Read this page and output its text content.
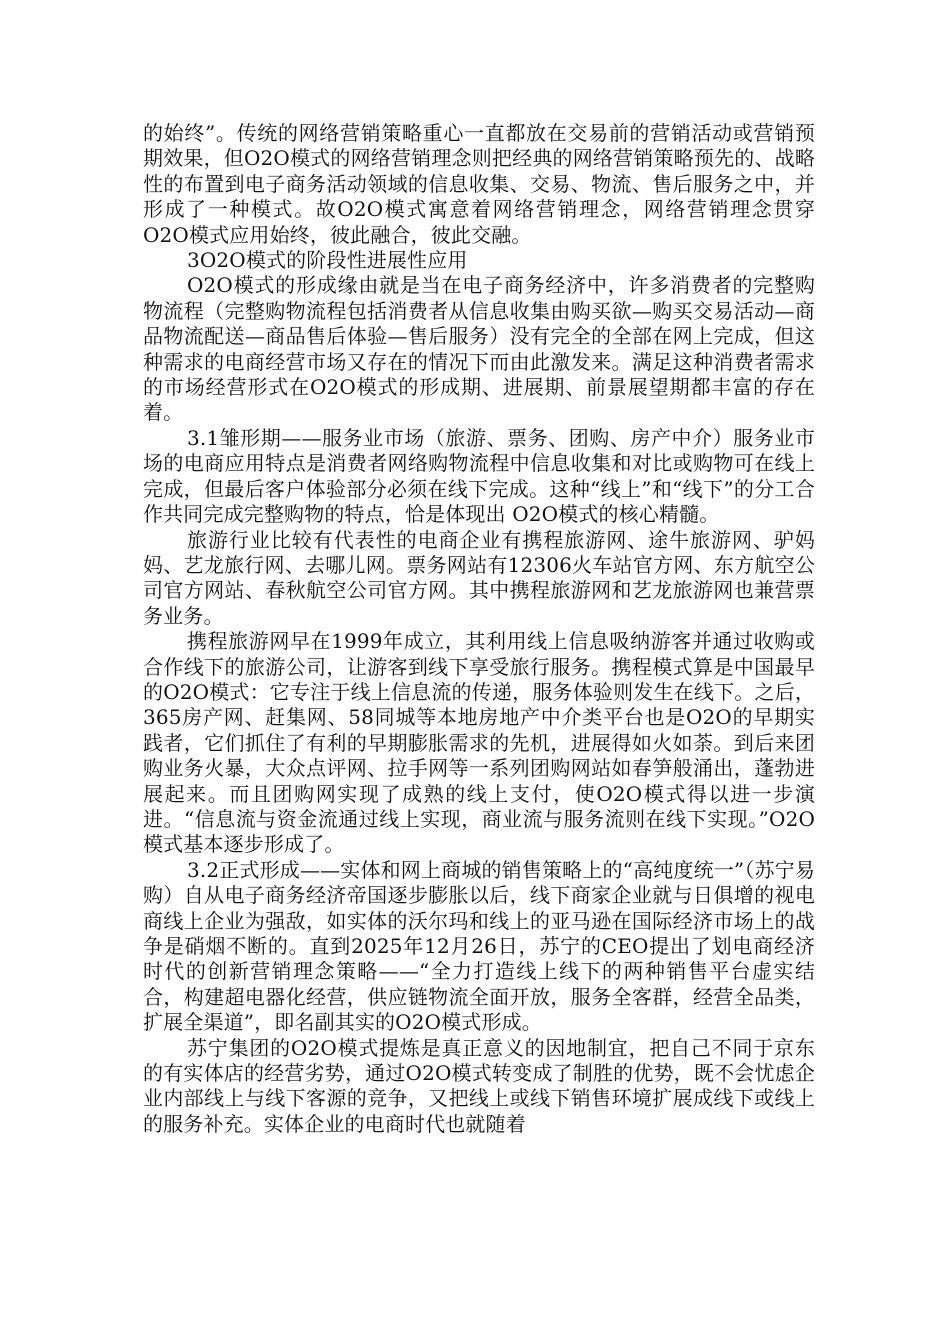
的始终”。传统的网络营销策略重心一直都放在交易前的营销活动或营销预期效果，但O2O模式的网络营销理念则把经典的网络营销策略预先的、战略性的布置到电子商务活动领域的信息收集、交易、物流、售后服务之中，并形成了一种模式。故O2O模式寓意着网络营销理念，网络营销理念贯穿O2O模式应用始终，彼此融合，彼此交融。

3O2O模式的阶段性进展性应用

O2O模式的形成缘由就是当在电子商务经济中，许多消费者的完整购物流程（完整购物流程包括消费者从信息收集由购买欲—购买交易活动—商品物流配送—商品售后体验—售后服务）没有完全的全部在网上完成，但这种需求的电商经营市场又存在的情况下而由此激发来。满足这种消费者需求的市场经营形式在O2O模式的形成期、进展期、前景展望期都丰富的存在着。

3.1雏形期——服务业市场（旅游、票务、团购、房产中介）服务业市场的电商应用特点是消费者网络购物流程中信息收集和对比或购物可在线上完成，但最后客户体验部分必须在线下完成。这种“线上”和“线下”的分工合作共同完成完整购物的特点，恰是体现出 O2O模式的核心精髓。

旅游行业比较有代表性的电商企业有携程旅游网、途牛旅游网、驴妈妈、艺龙旅行网、去哪儿网。票务网站有12306火车站官方网、东方航空公司官方网站、春秋航空公司官方网。其中携程旅游网和艺龙旅游网也兼营票务业务。

携程旅游网早在1999年成立，其利用线上信息吸纳游客并通过收购或合作线下的旅游公司，让游客到线下享受旅行服务。携程模式算是中国最早的O2O模式：它专注于线上信息流的传递，服务体验则发生在线下。之后，365房产网、赶集网、58同城等本地房地产中介类平台也是O2O的早期实践者，它们抓住了有利的早期膨胀需求的先机，进展得如火如荼。到后来团购业务火暴，大众点评网、拉手网等一系列团购网站如春笋般涌出，蓬勃进展起来。而且团购网实现了成熟的线上支付，使O2O模式得以进一步演进。“信息流与资金流通过线上实现，商业流与服务流则在线下实现。”O2O模式基本逐步形成了。

3.2正式形成——实体和网上商城的销售策略上的“高纯度统一”（苏宁易购）自从电子商务经济帝国逐步膨胀以后，线下商家企业就与日俱增的视电商线上企业为强敌，如实体的沃尔玛和线上的亚马逊在国际经济市场上的战争是硝烟不断的。直到2025年12月26日，苏宁的CEO提出了划电商经济时代的创新营销理念策略——“全力打造线上线下的两种销售平台虚实结合，构建超电器化经营，供应链物流全面开放，服务全客群，经营全品类，扩展全渠道”，即名副其实的O2O模式形成。

苏宁集团的O2O模式提炼是真正意义的因地制宜，把自己不同于京东的有实体店的经营劣势，通过O2O模式转变成了制胜的优势，既不会忧虑企业内部线上与线下客源的竞争，又把线上或线下销售环境扩展成线下或线上的服务补充。实体企业的电商时代也就随着
